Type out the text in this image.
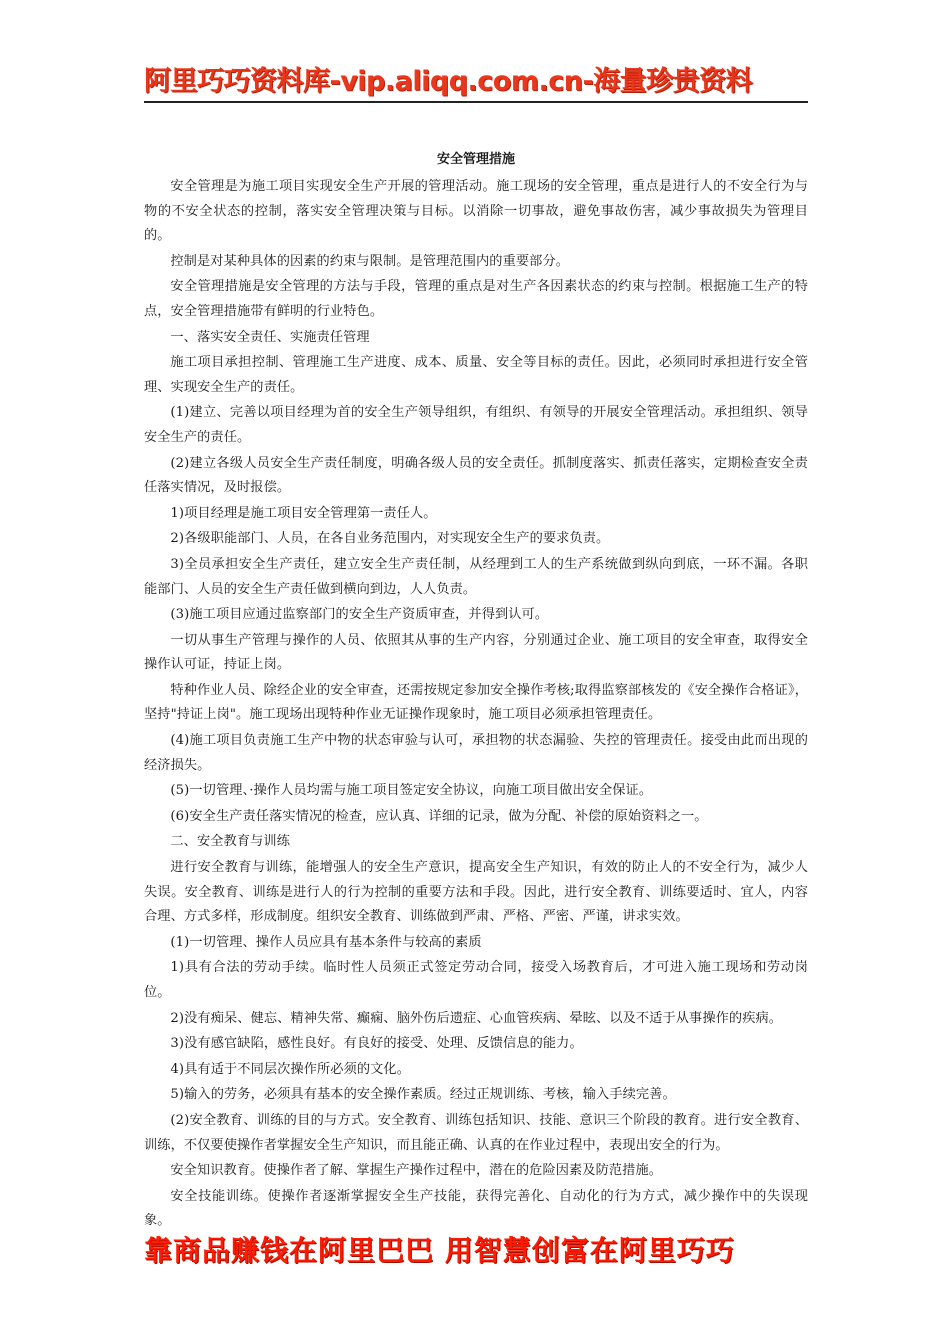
阿里巧巧资料库-vip.aliqq.com.cn-海量珍贵资料
安全管理措施

安全管理是为施工项目实现安全生产开展的管理活动。施工现场的安全管理，重点是进行人的不安全行为与物的不安全状态的控制，落实安全管理决策与目标。以消除一切事故，避免事故伤害，减少事故损失为管理目的。

控制是对某种具体的因素的约束与限制。是管理范围内的重要部分。

安全管理措施是安全管理的方法与手段，管理的重点是对生产各因素状态的约束与控制。根据施工生产的特点，安全管理措施带有鲜明的行业特色。

一、落实安全责任、实施责任管理

施工项目承担控制、管理施工生产进度、成本、质量、安全等目标的责任。因此，必须同时承担进行安全管理、实现安全生产的责任。

(1)建立、完善以项目经理为首的安全生产领导组织，有组织、有领导的开展安全管理活动。承担组织、领导安全生产的责任。

(2)建立各级人员安全生产责任制度，明确各级人员的安全责任。抓制度落实、抓责任落实，定期检查安全责任落实情况，及时报偿。

1)项目经理是施工项目安全管理第一责任人。

2)各级职能部门、人员，在各自业务范围内，对实现安全生产的要求负责。

3)全员承担安全生产责任，建立安全生产责任制，从经理到工人的生产系统做到纵向到底，一环不漏。各职能部门、人员的安全生产责任做到横向到边，人人负责。

(3)施工项目应通过监察部门的安全生产资质审查，并得到认可。

一切从事生产管理与操作的人员、依照其从事的生产内容，分别通过企业、施工项目的安全审查，取得安全操作认可证，持证上岗。

特种作业人员、除经企业的安全审查，还需按规定参加安全操作考核;取得监察部核发的《安全操作合格证》，坚持"持证上岗"。施工现场出现特种作业无证操作现象时，施工项目必须承担管理责任。

(4)施工项目负责施工生产中物的状态审验与认可，承担物的状态漏验、失控的管理责任。接受由此而出现的经济损失。

(5)一切管理、·操作人员均需与施工项目签定安全协议，向施工项目做出安全保证。

(6)安全生产责任落实情况的检查，应认真、详细的记录，做为分配、补偿的原始资料之一。

二、安全教育与训练

进行安全教育与训练，能增强人的安全生产意识，提高安全生产知识，有效的防止人的不安全行为，减少人失误。安全教育、训练是进行人的行为控制的重要方法和手段。因此，进行安全教育、训练要适时、宜人，内容合理、方式多样，形成制度。组织安全教育、训练做到严肃、严格、严密、严谨，讲求实效。

(1)一切管理、操作人员应具有基本条件与较高的素质

1)具有合法的劳动手续。临时性人员须正式签定劳动合同，接受入场教育后，才可进入施工现场和劳动岗位。

2)没有痴呆、健忘、精神失常、癫痫、脑外伤后遗症、心血管疾病、晕眩、以及不适于从事操作的疾病。

3)没有感官缺陷，感性良好。有良好的接受、处理、反馈信息的能力。

4)具有适于不同层次操作所必须的文化。

5)输入的劳务，必须具有基本的安全操作素质。经过正规训练、考核，输入手续完善。

(2)安全教育、训练的目的与方式。安全教育、训练包括知识、技能、意识三个阶段的教育。进行安全教育、训练，不仅要使操作者掌握安全生产知识，而且能正确、认真的在作业过程中，表现出安全的行为。

安全知识教育。使操作者了解、掌握生产操作过程中，潜在的危险因素及防范措施。

安全技能训练。使操作者逐渐掌握安全生产技能，获得完善化、自动化的行为方式，减少操作中的失误现象。

靠商品赚钱在阿里巴巴 用智慧创富在阿里巧巧
